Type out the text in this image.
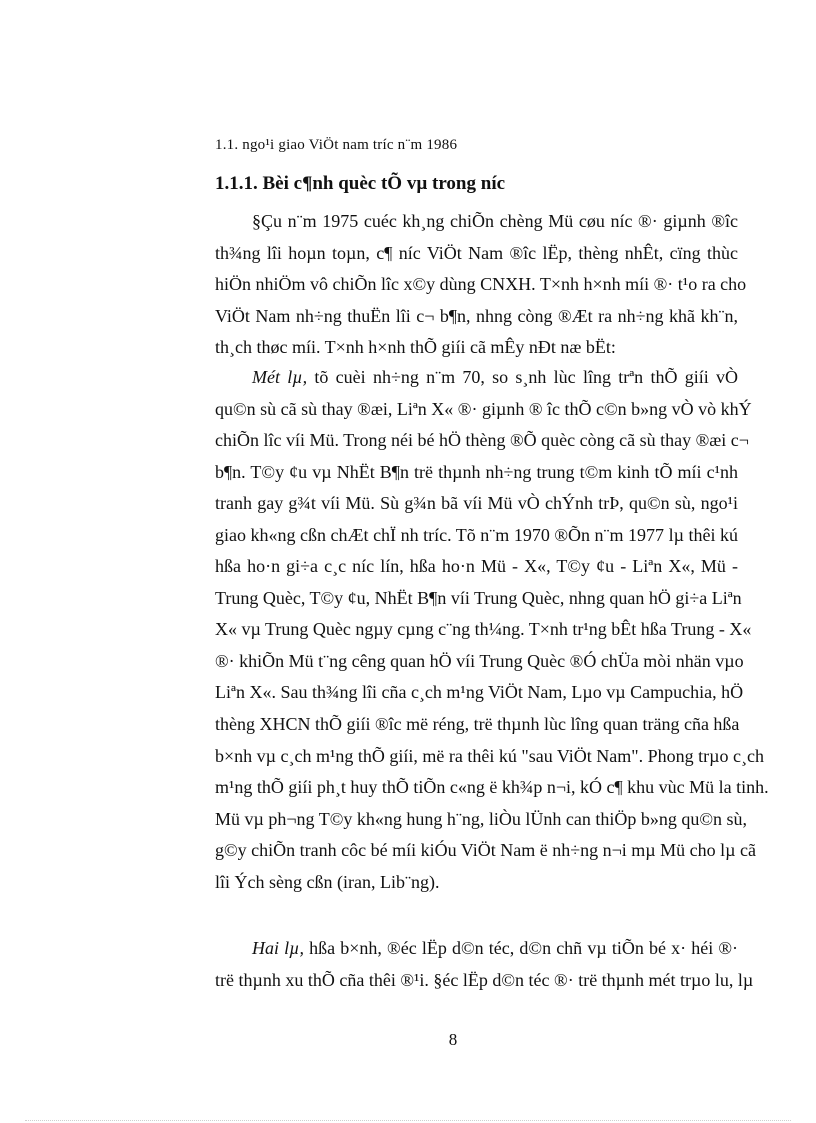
1.1. ngo¹i giao ViÖt nam tríc n¨m 1986
1.1.1. Bèi c¶nh quèc tÕ vµ trong níc
§Çu n¨m 1975 cuéc kh¸ng chiÕn chèng Mü cøu níc ®· giµnh ®îc
th¾ng lîi hoµn toµn, c¶ níc ViÖt Nam ®îc lËp, thèng nhÊt, cïng thùc
hiÖn nhiÖm vô chiÕn lîc x©y dùng CNXH. T×nh h×nh míi ®· t¹o ra cho
ViÖt Nam nh÷ng thuËn lîi c¬ b¶n, nhng còng ®Æt ra nh÷ng khã kh¨n,
th¸ch thøc míi. T×nh h×nh thÕ giíi cã mÊy nÐt næ bËt:
Mét lµ, tõ cuèi nh÷ng n¨m 70, so s¸nh lùc lîng trªn thÕ giíi vÒ
qu©n sù cã sù thay ®æi, Liªn X« ®· giµnh ® îc thÕ c©n b»ng vÒ vò khÝ
chiÕn lîc víi Mü. Trong néi bé hÖ thèng ®Õ quèc còng cã sù thay ®æi c¬
b¶n. T©y ¢u vµ NhËt B¶n trë thµnh nh÷ng trung t©m kinh tÕ míi c¹nh
tranh gay g¾t víi Mü. Sù g¾n bã víi Mü vÒ chÝnh trÞ, qu©n sù, ngo¹i
giao kh«ng cßn chÆt chÏ nh tríc. Tõ n¨m 1970 ®Õn n¨m 1977 lµ thêi kú
hßa ho·n gi÷a c¸c níc lín, hßa ho·n Mü - X«, T©y ¢u - Liªn X«, Mü -
Trung Quèc, T©y ¢u, NhËt B¶n víi Trung Quèc, nhng quan hÖ gi÷a Liªn
X« vµ Trung Quèc ngµy cµng c¨ng th¼ng. T×nh tr¹ng bÊt hßa Trung - X«
®· khiÕn Mü t¨ng cêng quan hÖ víi Trung Quèc ®Ó chÜa mòi nhän vµo
Liªn X«. Sau th¾ng lîi cña c¸ch m¹ng ViÖt Nam, Lµo vµ Campuchia, hÖ
thèng XHCN thÕ giíi ®îc më réng, trë thµnh lùc lîng quan träng cña hßa
b×nh vµ c¸ch m¹ng thÕ giíi, më ra thêi kú "sau ViÖt Nam". Phong trµo c¸ch
m¹ng thÕ giíi ph¸t huy thÕ tiÕn c«ng ë kh¾p n¬i, kÓ c¶ khu vùc Mü la tinh.
Mü vµ ph¬ng T©y kh«ng hung h¨ng, liÒu lÜnh can thiÖp b»ng qu©n sù,
g©y chiÕn tranh côc bé míi kiÓu ViÖt Nam ë nh÷ng n¬i mµ Mü cho lµ cã
lîi Ých sèng cßn (iran, Lib¨ng).
Hai lµ, hßa b×nh, ®éc lËp d©n téc, d©n chñ vµ tiÕn bé x· héi ®·
trë thµnh xu thÕ cña thêi ®¹i. §éc lËp d©n téc ®· trë thµnh mét trµo lu, lµ
8
